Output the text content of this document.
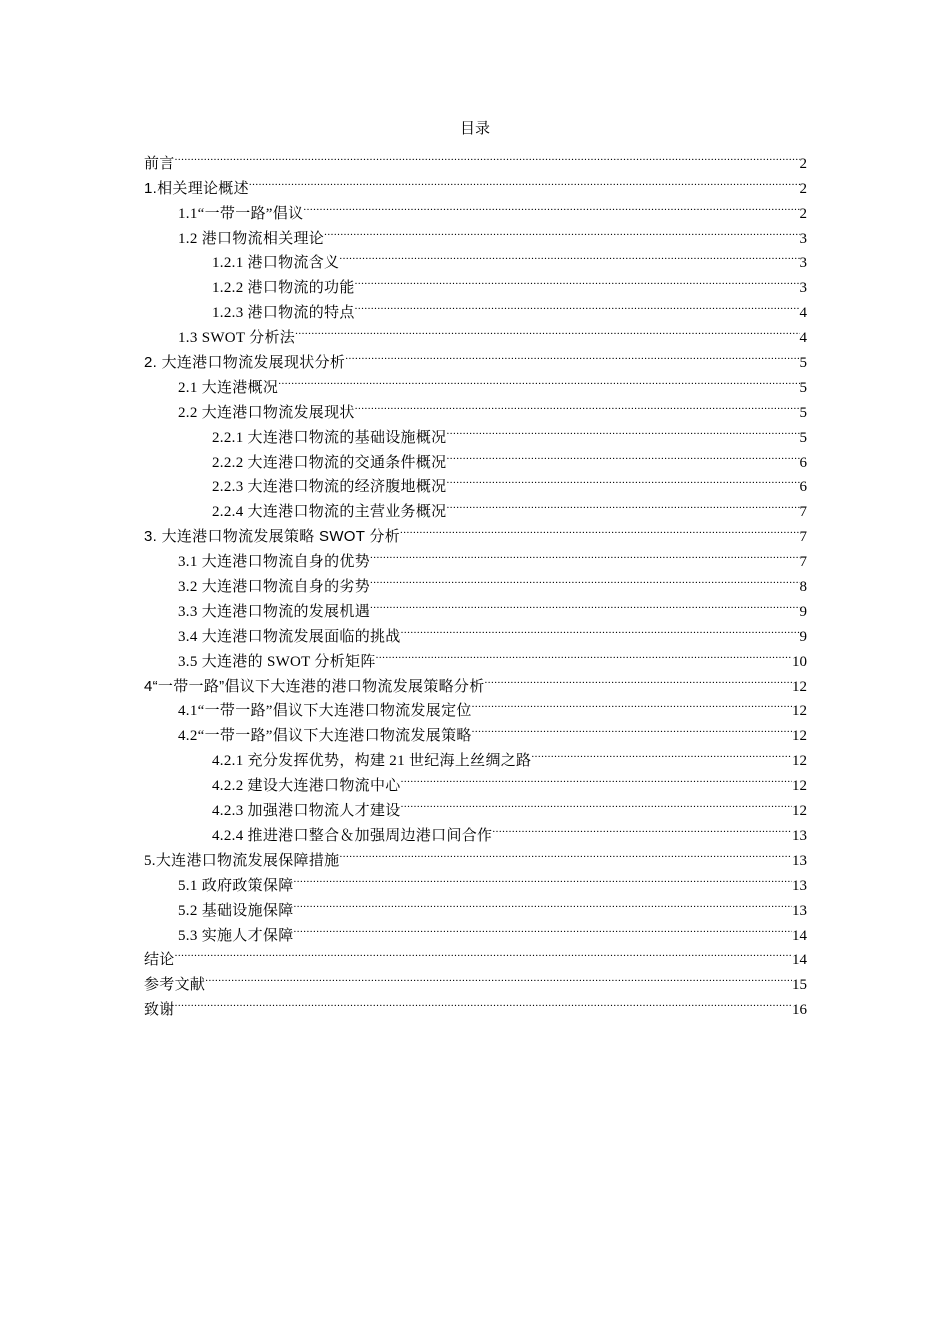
目录
前言 .....	2
1.相关理论概述 .....	2
1.1“一带一路”倡议 .....	2
1.2 港口物流相关理论 .....	3
1.2.1 港口物流含义 .....	3
1.2.2 港口物流的功能 .....	3
1.2.3 港口物流的特点 .....	4
1.3 SWOT 分析法 .....	4
2. 大连港口物流发展现状分析 .....	5
2.1 大连港概况 .....	5
2.2 大连港口物流发展现状 .....	5
2.2.1 大连港口物流的基础设施概况 .....	5
2.2.2 大连港口物流的交通条件概况 .....	6
2.2.3 大连港口物流的经济腹地概况 .....	6
2.2.4 大连港口物流的主营业务概况 .....	7
3. 大连港口物流发展策略 SWOT 分析 .....	7
3.1 大连港口物流自身的优势 .....	7
3.2 大连港口物流自身的劣势 .....	8
3.3 大连港口物流的发展机遇 .....	9
3.4 大连港口物流发展面临的挑战 .....	9
3.5 大连港的 SWOT 分析矩阵 .....	10
4“一带一路”倡议下大连港的港口物流发展策略分析 .....	12
4.1“一带一路”倡议下大连港口物流发展定位 .....	12
4.2“一带一路”倡议下大连港口物流发展策略 .....	12
4.2.1 充分发挥优势，构建 21 世纪海上丝绸之路 .....	12
4.2.2 建设大连港口物流中心 .....	12
4.2.3 加强港口物流人才建设 .....	12
4.2.4 推进港口整合＆加强周边港口间合作 .....	13
5.大连港口物流发展保障措施 .....	13
5.1 政府政策保障 .....	13
5.2 基础设施保障 .....	13
5.3 实施人才保障 .....	14
结论 .....	14
参考文献 .....	15
致谢 .....	16
